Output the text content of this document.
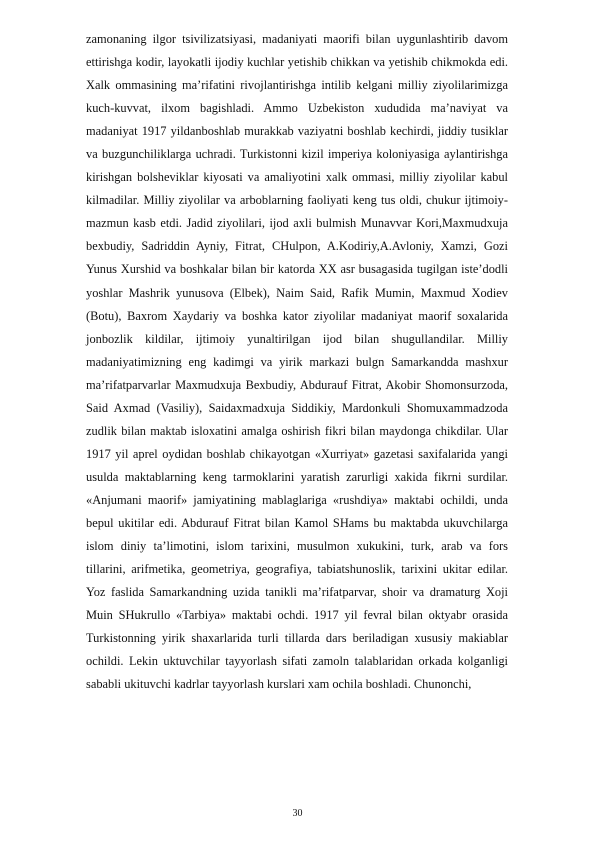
zamonaning ilgor tsivilizatsiyasi, madaniyati maorifi bilan uygunlashtirib davom ettirishga kodir, layokatli ijodiy kuchlar yetishib chikkan va yetishib chikmokda edi. Xalk ommasining ma’rifatini rivojlantirishga intilib kelgani milliy ziyolilarimizga kuch-kuvvat, ilxom bagishladi. Ammo Uzbekiston xududida ma’naviyat va madaniyat 1917 yildanboshlab murakkab vaziyatni boshlab kechirdi, jiddiy tusiklar va buzgunchiliklarga uchradi. Turkistonni kizil imperiya koloniyasiga aylantirishga kirishgan bolsheviklar kiyosati va amaliyotini xalk ommasi, milliy ziyolilar kabul kilmadilar. Milliy ziyolilar va arboblarning faoliyati keng tus oldi, chukur ijtimoiy- mazmun kasb etdi. Jadid ziyolilari, ijod axli bulmish Munavvar Kori,Maxmudxuja bexbudiy, Sadriddin Ayniy, Fitrat, CHulpon, A.Kodiriy,A.Avloniy, Xamzi, Gozi Yunus Xurshid va boshkalar bilan bir katorda XX asr busagasida tugilgan iste’dodli yoshlar Mashrik yunusova (Elbek), Naim Said, Rafik Mumin, Maxmud Xodiev (Botu), Baxrom Xaydariy va boshka kator ziyolilar madaniyat maorif soxalarida jonbozlik kildilar, ijtimoiy yunaltirilgan ijod bilan shugullandilar. Milliy madaniyatimizning eng kadimgi va yirik markazi bulgn Samarkandda mashxur ma’rifatparvarlar Maxmudxuja Bexbudiy, Abdurauf Fitrat, Akobir Shomonsurzoda, Said Axmad (Vasiliy), Saidaxmadxuja Siddikiy, Mardonkuli Shomuxammadzoda zudlik bilan maktab isloxatini amalga oshirish fikri bilan maydonga chikdilar. Ular 1917 yil aprel oydidan boshlab chikayotgan «Xurriyat» gazetasi saxifalarida yangi usulda maktablarning keng tarmoklarini yaratish zarurligi xakida fikrni surdilar. «Anjumani maorif» jamiyatining mablaglariga «rushdiya» maktabi ochildi, unda bepul ukitilar edi. Abdurauf Fitrat bilan Kamol SHams bu maktabda ukuvchilarga islom diniy ta’limotini, islom tarixini, musulmon xukukini, turk, arab va fors tillarini, arifmetika, geometriya, geografiya, tabiatshunoslik, tarixini ukitar edilar. Yoz faslida Samarkandning uzida tanikli ma’rifatparvar, shoir va dramaturg Xoji Muin SHukrullo «Tarbiya» maktabi ochdi. 1917 yil fevral bilan oktyabr orasida Turkistonning yirik shaxarlarida turli tillarda dars beriladigan xususiy makiablar ochildi. Lekin uktuvchilar tayyorlash sifati zamoln talablaridan orkada kolganligi sababli ukituvchi kadrlar tayyorlash kurslari xam ochila boshladi. Chunonchi,

30
